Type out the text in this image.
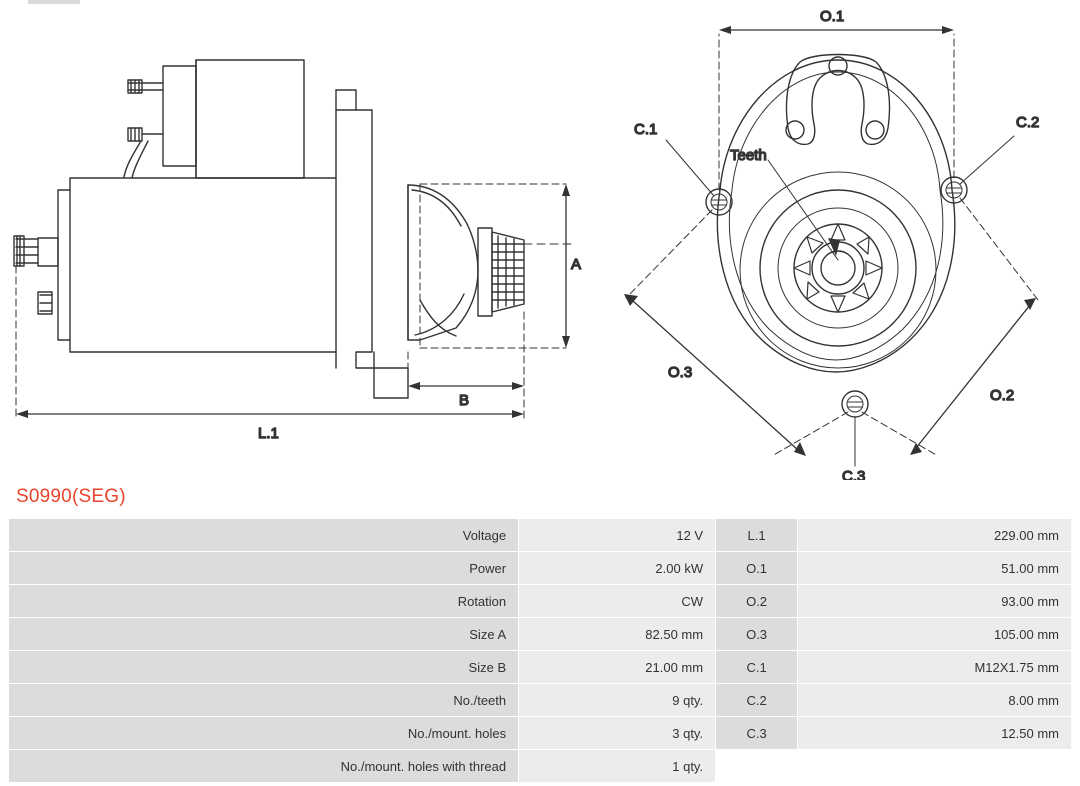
A
B
L.1
C.1	C.2
C.3
Teeth
O.1
O.2
O.3
S0990(SEG)
Voltage	12 V	L.1	229.00 mm
Power	2.00 kW	O.1	51.00 mm
Rotation	CW	O.2	93.00 mm
Size A	82.50 mm	O.3	105.00 mm
Size B	21.00 mm	C.1	M12X1.75 mm
No./teeth	9 qty.	C.2	8.00 mm
No./mount. holes	3 qty.	C.3	12.50 mm
No./mount. holes with thread	1 qty.		
